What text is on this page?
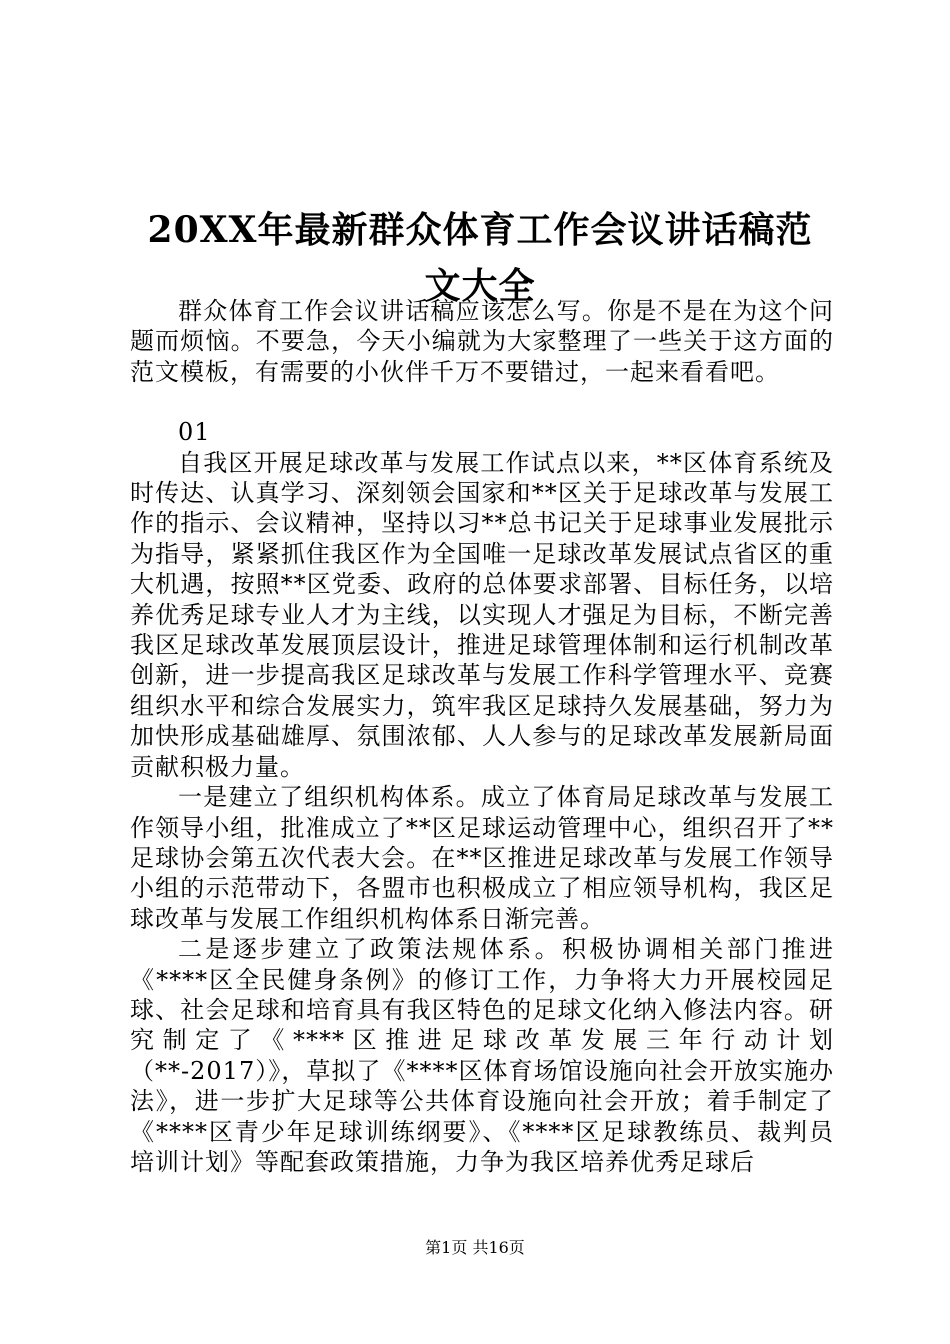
20XX年最新群众体育工作会议讲话稿范文大全

群众体育工作会议讲话稿应该怎么写。你是不是在为这个问题而烦恼。不要急，今天小编就为大家整理了一些关于这方面的范文模板，有需要的小伙伴千万不要错过，一起来看看吧。

01

自我区开展足球改革与发展工作试点以来，**区体育系统及时传达、认真学习、深刻领会国家和**区关于足球改革与发展工作的指示、会议精神，坚持以习**总书记关于足球事业发展批示为指导，紧紧抓住我区作为全国唯一足球改革发展试点省区的重大机遇，按照**区党委、政府的总体要求部署、目标任务，以培养优秀足球专业人才为主线，以实现人才强足为目标，不断完善我区足球改革发展顶层设计，推进足球管理体制和运行机制改革创新，进一步提高我区足球改革与发展工作科学管理水平、竞赛组织水平和综合发展实力，筑牢我区足球持久发展基础，努力为加快形成基础雄厚、氛围浓郁、人人参与的足球改革发展新局面贡献积极力量。

一是建立了组织机构体系。成立了体育局足球改革与发展工作领导小组，批准成立了**区足球运动管理中心，组织召开了**足球协会第五次代表大会。在**区推进足球改革与发展工作领导小组的示范带动下，各盟市也积极成立了相应领导机构，我区足球改革与发展工作组织机构体系日渐完善。

二是逐步建立了政策法规体系。积极协调相关部门推进《****区全民健身条例》的修订工作，力争将大力开展校园足球、社会足球和培育具有我区特色的足球文化纳入修法内容。研究制定了《****区推进足球改革发展三年行动计划（**-2017）》，草拟了《****区体育场馆设施向社会开放实施办法》，进一步扩大足球等公共体育设施向社会开放；着手制定了《****区青少年足球训练纲要》、《****区足球教练员、裁判员培训计划》等配套政策措施，力争为我区培养优秀足球后

第1页 共16页
